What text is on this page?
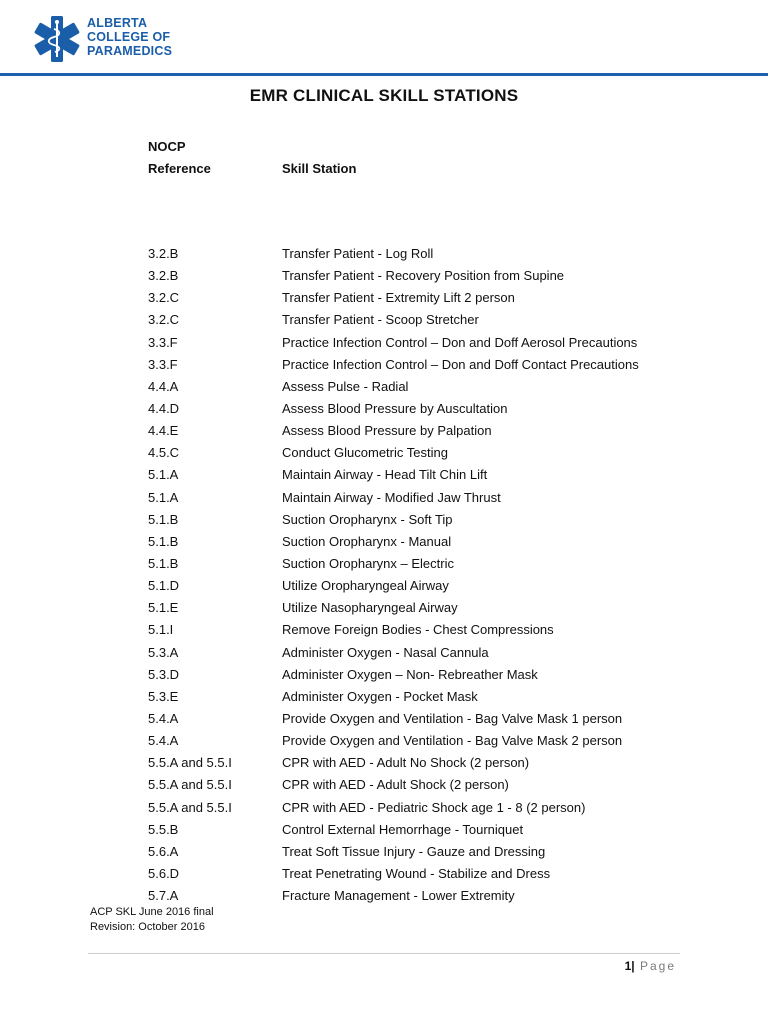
ALBERTA
COLLEGE OF
PARAMEDICS
EMR CLINICAL SKILL STATIONS
NOCP
Reference	Skill Station
3.2.B	Transfer Patient - Log Roll
3.2.B	Transfer Patient - Recovery Position from Supine
3.2.C	Transfer Patient - Extremity Lift 2 person
3.2.C	Transfer Patient - Scoop Stretcher
3.3.F	Practice Infection Control – Don and Doff Aerosol Precautions
3.3.F	Practice Infection Control – Don and Doff Contact Precautions
4.4.A	Assess Pulse - Radial
4.4.D	Assess Blood Pressure by Auscultation
4.4.E	Assess Blood Pressure by Palpation
4.5.C	Conduct Glucometric Testing
5.1.A	Maintain Airway - Head Tilt Chin Lift
5.1.A	Maintain Airway - Modified Jaw Thrust
5.1.B	Suction Oropharynx - Soft Tip
5.1.B	Suction Oropharynx - Manual
5.1.B	Suction Oropharynx – Electric
5.1.D	Utilize Oropharyngeal Airway
5.1.E	Utilize Nasopharyngeal Airway
5.1.I	Remove Foreign Bodies - Chest Compressions
5.3.A	Administer Oxygen - Nasal Cannula
5.3.D	Administer Oxygen – Non- Rebreather Mask
5.3.E	Administer Oxygen - Pocket Mask
5.4.A	Provide Oxygen and Ventilation - Bag Valve Mask 1 person
5.4.A	Provide Oxygen and Ventilation - Bag Valve Mask 2 person
5.5.A and 5.5.I	CPR with AED - Adult No Shock (2 person)
5.5.A and 5.5.I	CPR with AED - Adult Shock (2 person)
5.5.A and 5.5.I	CPR with AED - Pediatric Shock age 1 - 8 (2 person)
5.5.B	Control External Hemorrhage - Tourniquet
5.6.A	Treat Soft Tissue Injury - Gauze and Dressing
5.6.D	Treat Penetrating Wound - Stabilize and Dress
5.7.A	Fracture Management - Lower Extremity
ACP SKL June 2016 final
Revision: October 2016
1| Page
